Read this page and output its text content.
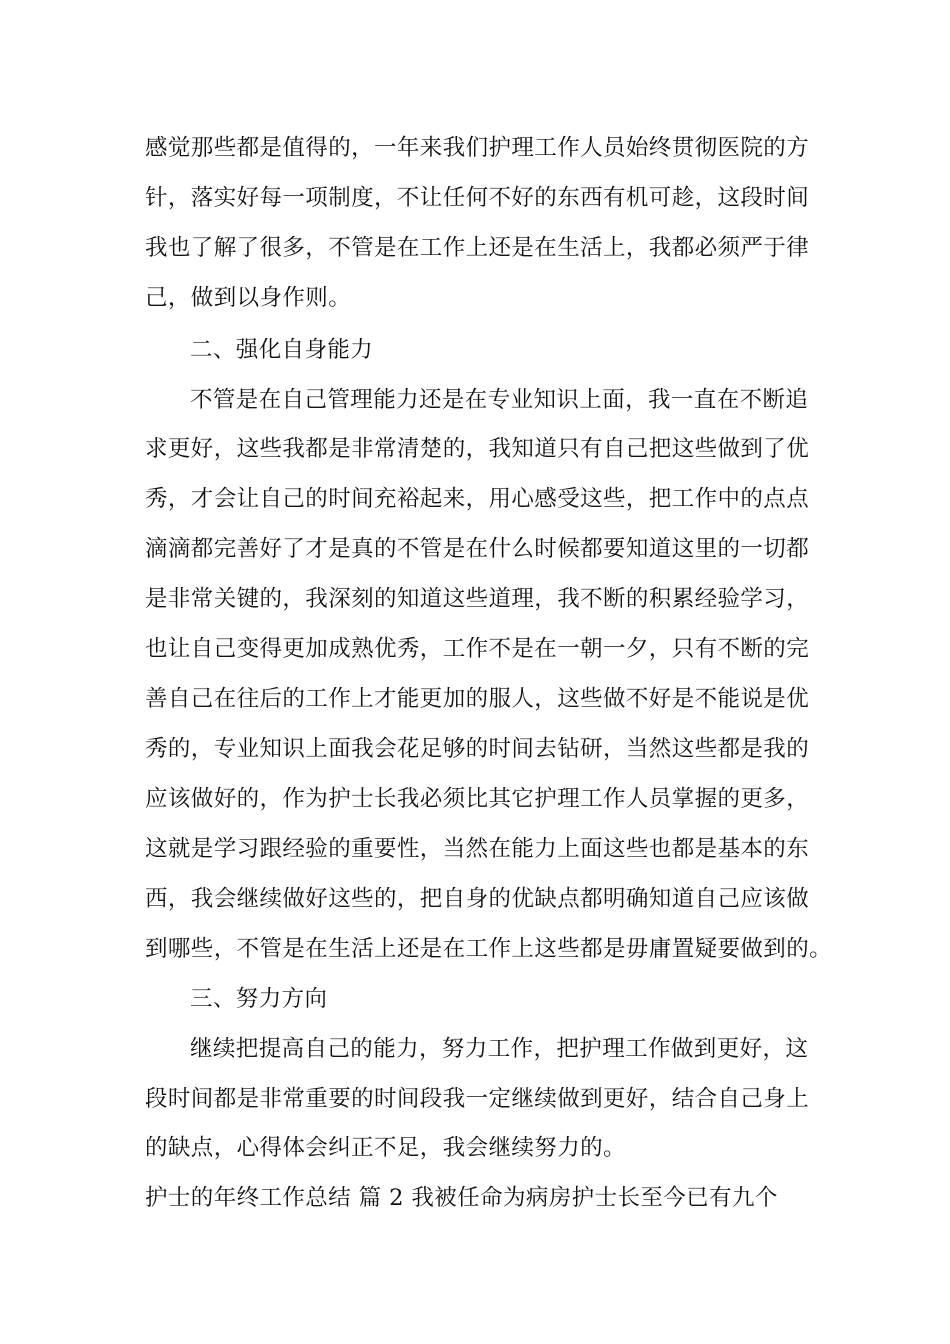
感觉那些都是值得的，一年来我们护理工作人员始终贯彻医院的方
针，落实好每一项制度，不让任何不好的东西有机可趁，这段时间
我也了解了很多，不管是在工作上还是在生活上，我都必须严于律
己，做到以身作则。
二、强化自身能力
不管是在自己管理能力还是在专业知识上面，我一直在不断追
求更好，这些我都是非常清楚的，我知道只有自己把这些做到了优
秀，才会让自己的时间充裕起来，用心感受这些，把工作中的点点
滴滴都完善好了才是真的不管是在什么时候都要知道这里的一切都
是非常关键的，我深刻的知道这些道理，我不断的积累经验学习，
也让自己变得更加成熟优秀，工作不是在一朝一夕，只有不断的完
善自己在往后的工作上才能更加的服人，这些做不好是不能说是优
秀的，专业知识上面我会花足够的时间去钻研，当然这些都是我的
应该做好的，作为护士长我必须比其它护理工作人员掌握的更多，
这就是学习跟经验的重要性，当然在能力上面这些也都是基本的东
西，我会继续做好这些的，把自身的优缺点都明确知道自己应该做
到哪些，不管是在生活上还是在工作上这些都是毋庸置疑要做到的。
三、努力方向
继续把提高自己的能力，努力工作，把护理工作做到更好，这
段时间都是非常重要的时间段我一定继续做到更好，结合自己身上
的缺点，心得体会纠正不足，我会继续努力的。
护士的年终工作总结 篇 2 我被任命为病房护士长至今已有九个
